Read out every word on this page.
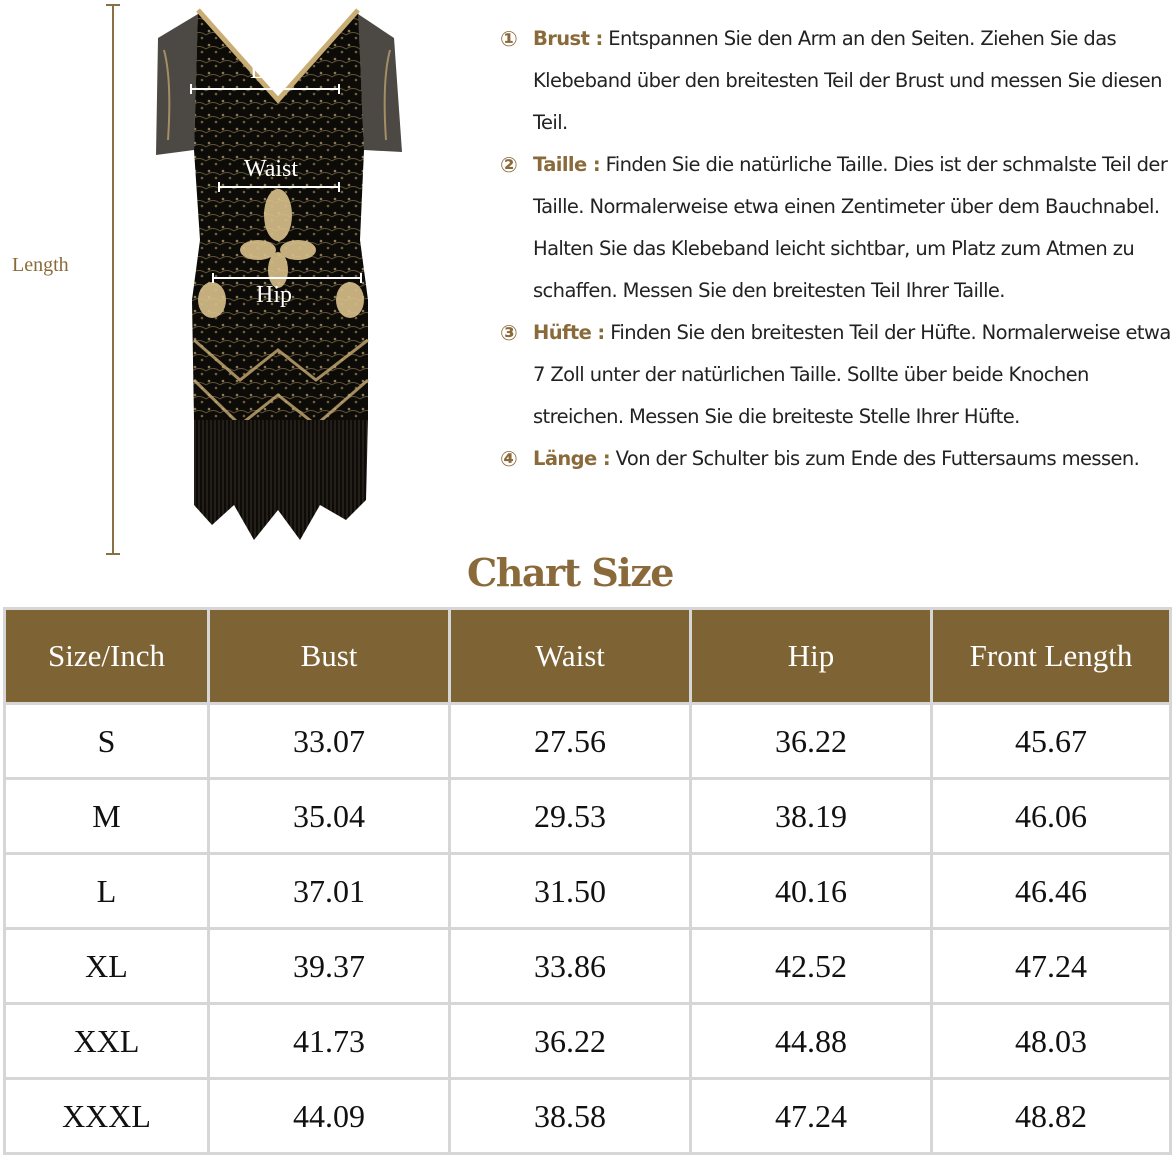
Length
Bust
Waist
Hip
① Brust : Entspannen Sie den Arm an den Seiten. Ziehen Sie das Klebeband über den breitesten Teil der Brust und messen Sie diesen Teil.
② Taille : Finden Sie die natürliche Taille. Dies ist der schmalste Teil der Taille. Normalerweise etwa einen Zentimeter über dem Bauchnabel. Halten Sie das Klebeband leicht sichtbar, um Platz zum Atmen zu schaffen. Messen Sie den breitesten Teil Ihrer Taille.
③ Hüfte : Finden Sie den breitesten Teil der Hüfte. Normalerweise etwa 7 Zoll unter der natürlichen Taille. Sollte über beide Knochen streichen. Messen Sie die breiteste Stelle Ihrer Hüfte.
④ Länge : Von der Schulter bis zum Ende des Futtersaums messen.
Chart Size
Size/Inch	Bust	Waist	Hip	Front Length
S	33.07	27.56	36.22	45.67
M	35.04	29.53	38.19	46.06
L	37.01	31.50	40.16	46.46
XL	39.37	33.86	42.52	47.24
XXL	41.73	36.22	44.88	48.03
XXXL	44.09	38.58	47.24	48.82
